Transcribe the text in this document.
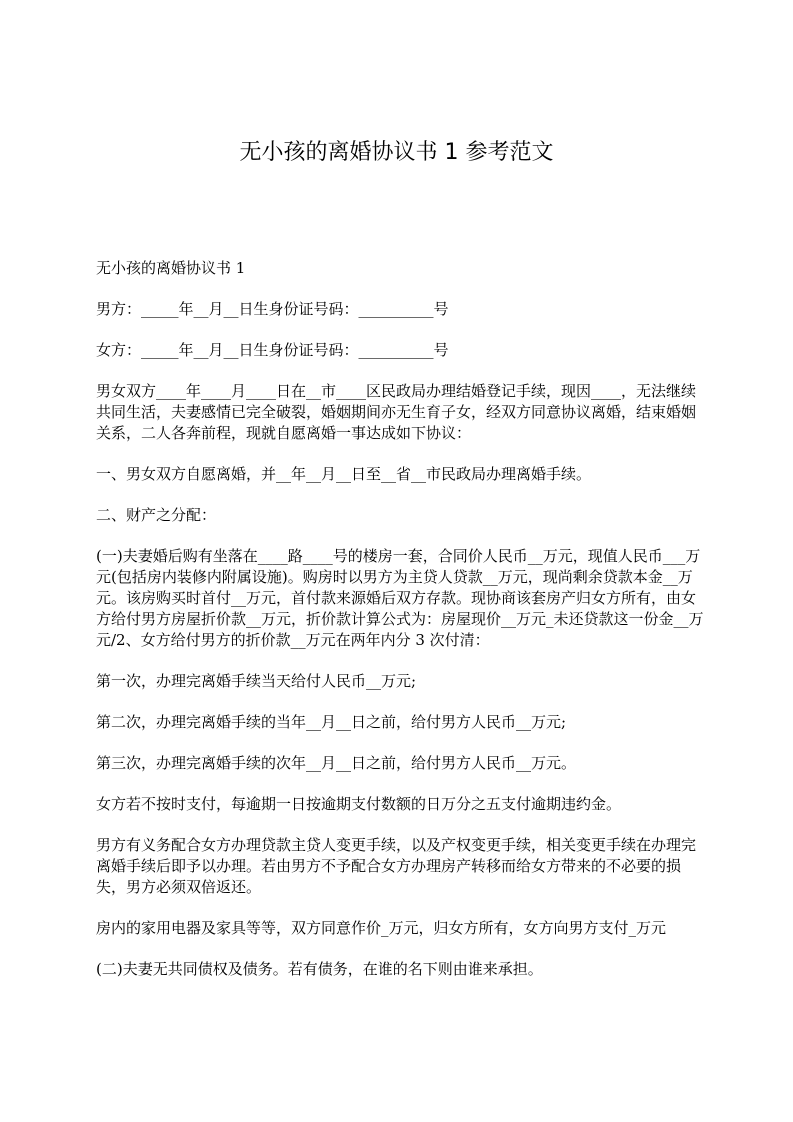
无小孩的离婚协议书 1 参考范文

无小孩的离婚协议书 1

男方：_____年__月__日生身份证号码：__________号

女方：_____年__月__日生身份证号码：__________号

男女双方____年____月____日在__市____区民政局办理结婚登记手续，现因____，无法继续共同生活，夫妻感情已完全破裂，婚姻期间亦无生育子女，经双方同意协议离婚，结束婚姻关系，二人各奔前程，现就自愿离婚一事达成如下协议：

一、男女双方自愿离婚，并__年__月__日至__省__市民政局办理离婚手续。

二、财产之分配：

(一)夫妻婚后购有坐落在____路____号的楼房一套，合同价人民币__万元，现值人民币___万元(包括房内装修内附属设施)。购房时以男方为主贷人贷款__万元，现尚剩余贷款本金__万元。该房购买时首付__万元，首付款来源婚后双方存款。现协商该套房产归女方所有，由女方给付男方房屋折价款__万元，折价款计算公式为：房屋现价__万元_未还贷款这一份金__万元/2、女方给付男方的折价款__万元在两年内分 3 次付清：

第一次，办理完离婚手续当天给付人民币__万元;

第二次，办理完离婚手续的当年__月__日之前，给付男方人民币__万元;

第三次，办理完离婚手续的次年__月__日之前，给付男方人民币__万元。

女方若不按时支付，每逾期一日按逾期支付数额的日万分之五支付逾期违约金。

男方有义务配合女方办理贷款主贷人变更手续，以及产权变更手续，相关变更手续在办理完离婚手续后即予以办理。若由男方不予配合女方办理房产转移而给女方带来的不必要的损失，男方必须双倍返还。

房内的家用电器及家具等等，双方同意作价_万元，归女方所有，女方向男方支付_万元

(二)夫妻无共同债权及债务。若有债务，在谁的名下则由谁来承担。
